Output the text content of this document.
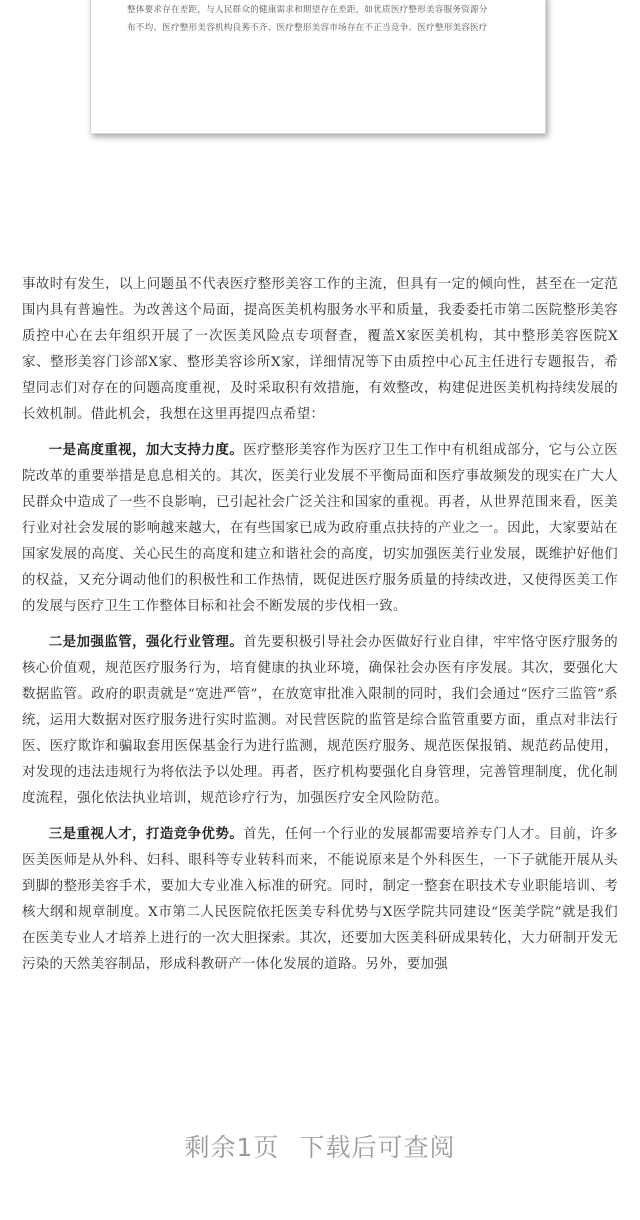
整体要求存在差距，与人民群众的健康需求和期望存在差距，如优质医疗整形美容服务资源分
布不均、医疗整形美容机构良莠不齐、医疗整形美容市场存在不正当竞争、医疗整形美容医疗

事故时有发生，以上问题虽不代表医疗整形美容工作的主流，但具有一定的倾向性，甚至在一定范围内具有普遍性。为改善这个局面，提高医美机构服务水平和质量，我委委托市第二医院整形美容质控中心在去年组织开展了一次医美风险点专项督查，覆盖X家医美机构，其中整形美容医院X家、整形美容门诊部X家、整形美容诊所X家，详细情况等下由质控中心瓦主任进行专题报告，希望同志们对存在的问题高度重视，及时采取积有效措施，有效整改，构建促进医美机构持续发展的长效机制。借此机会，我想在这里再提四点希望：

一是高度重视，加大支持力度。医疗整形美容作为医疗卫生工作中有机组成部分，它与公立医院改革的重要举措是息息相关的。其次，医美行业发展不平衡局面和医疗事故频发的现实在广大人民群众中造成了一些不良影响，已引起社会广泛关注和国家的重视。再者，从世界范围来看，医美行业对社会发展的影响越来越大，在有些国家已成为政府重点扶持的产业之一。因此，大家要站在国家发展的高度、关心民生的高度和建立和谐社会的高度，切实加强医美行业发展，既维护好他们的权益，又充分调动他们的积极性和工作热情，既促进医疗服务质量的持续改进，又使得医美工作的发展与医疗卫生工作整体目标和社会不断发展的步伐相一致。

二是加强监管，强化行业管理。首先要积极引导社会办医做好行业自律，牢牢恪守医疗服务的核心价值观，规范医疗服务行为，培育健康的执业环境，确保社会办医有序发展。其次，要强化大数据监管。政府的职责就是“宽进严管”，在放宽审批准入限制的同时，我们会通过“医疗三监管”系统，运用大数据对医疗服务进行实时监测。对民营医院的监管是综合监管重要方面，重点对非法行医、医疗欺诈和骗取套用医保基金行为进行监测，规范医疗服务、规范医保报销、规范药品使用，对发现的违法违规行为将依法予以处理。再者，医疗机构要强化自身管理，完善管理制度，优化制度流程，强化依法执业培训，规范诊疗行为，加强医疗安全风险防范。

三是重视人才，打造竞争优势。首先，任何一个行业的发展都需要培养专门人才。目前，许多医美医师是从外科、妇科、眼科等专业转科而来，不能说原来是个外科医生，一下子就能开展从头到脚的整形美容手术，要加大专业准入标准的研究。同时，制定一整套在职技术专业职能培训、考核大纲和规章制度。X市第二人民医院依托医美专科优势与X医学院共同建设“医美学院”就是我们在医美专业人才培养上进行的一次大胆探索。其次，还要加大医美科研成果转化，大力研制开发无污染的天然美容制品，形成科教研产一体化发展的道路。另外，要加强

剩余1页 下载后可查阅
